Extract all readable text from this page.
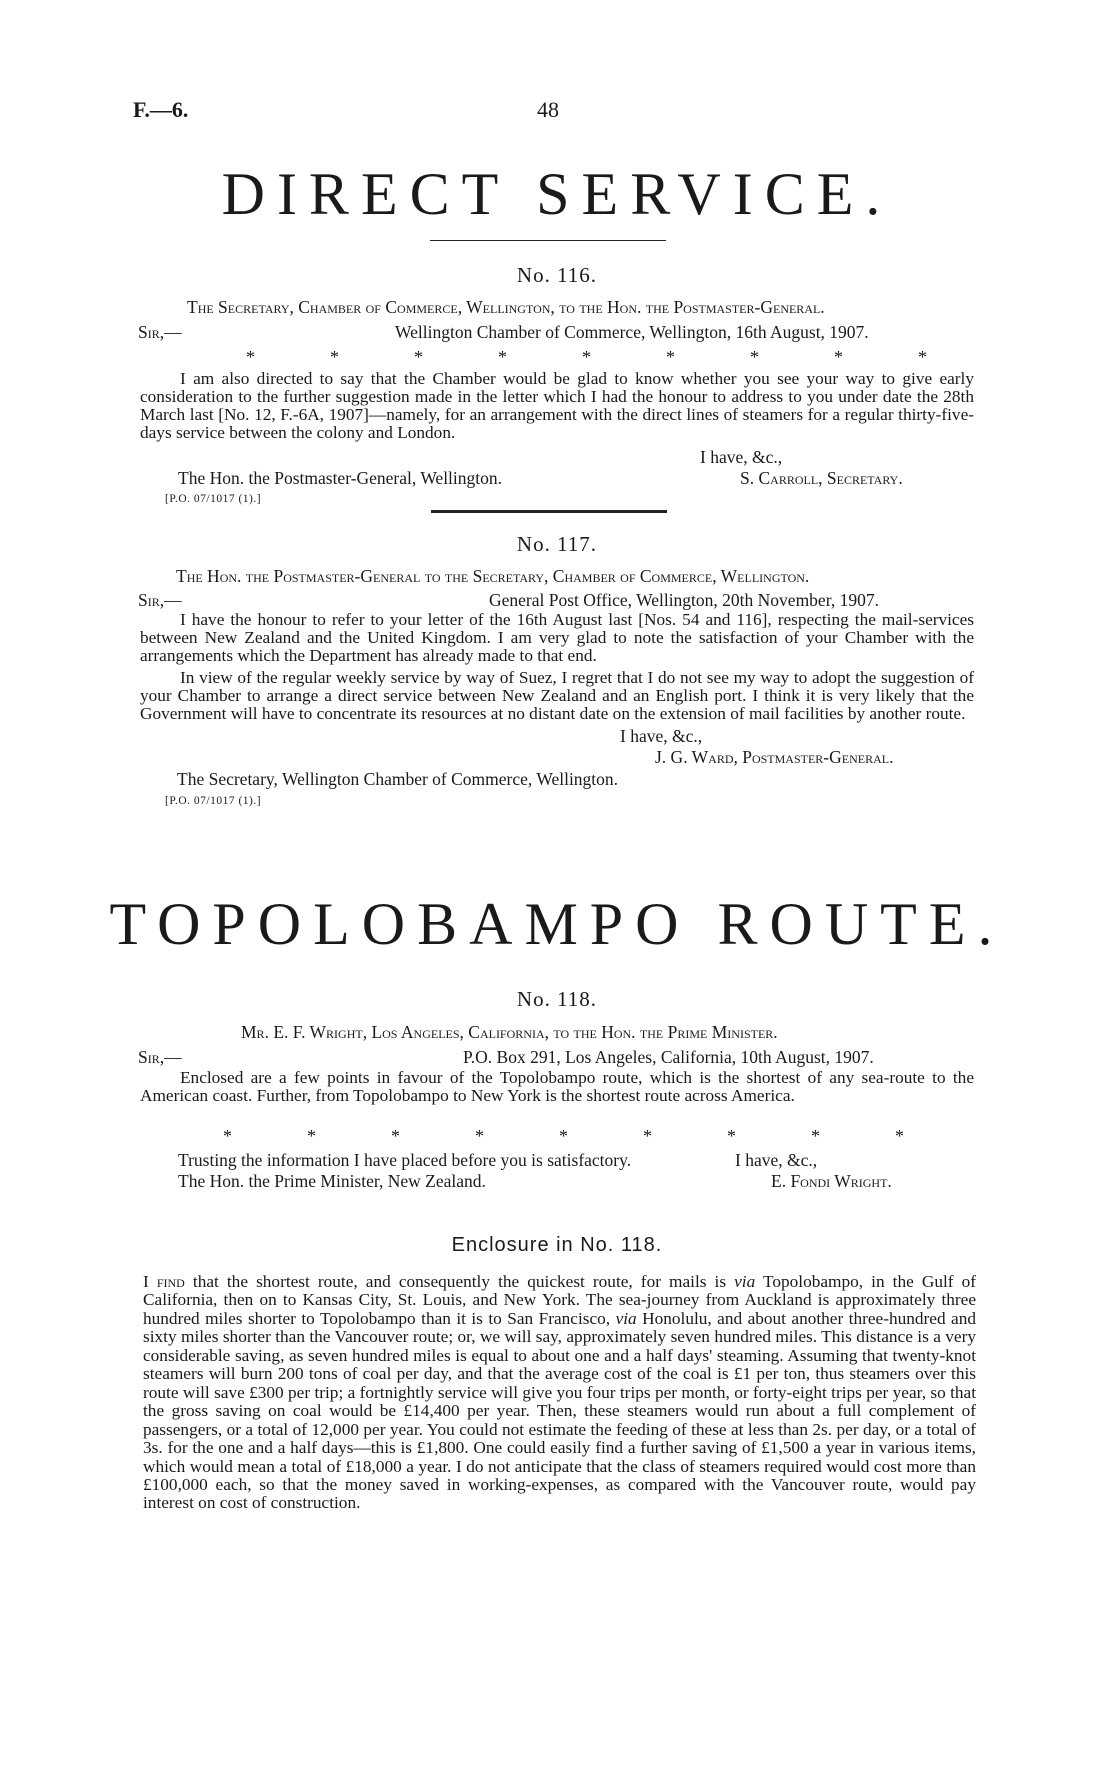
F.—6.	48
DIRECT SERVICE.
No. 116.
The Secretary, Chamber of Commerce, Wellington, to the Hon. the Postmaster-General.
Sir,—	Wellington Chamber of Commerce, Wellington, 16th August, 1907.
*	*	*	*	*	*	*	*	*
I am also directed to say that the Chamber would be glad to know whether you see your way to give early consideration to the further suggestion made in the letter which I had the honour to address to you under date the 28th March last [No. 12, F.-6A, 1907]—namely, for an arrangement with the direct lines of steamers for a regular thirty-five-days service between the colony and London.
I have, &c.,
The Hon. the Postmaster-General, Wellington.	S. Carroll, Secretary.
[P.O. 07/1017 (1).]
No. 117.
The Hon. the Postmaster-General to the Secretary, Chamber of Commerce, Wellington.
Sir,—	General Post Office, Wellington, 20th November, 1907.
I have the honour to refer to your letter of the 16th August last [Nos. 54 and 116], respecting the mail-services between New Zealand and the United Kingdom. I am very glad to note the satisfaction of your Chamber with the arrangements which the Department has already made to that end.
In view of the regular weekly service by way of Suez, I regret that I do not see my way to adopt the suggestion of your Chamber to arrange a direct service between New Zealand and an English port. I think it is very likely that the Government will have to concentrate its resources at no distant date on the extension of mail facilities by another route.
I have, &c.,
J. G. Ward, Postmaster-General.
The Secretary, Wellington Chamber of Commerce, Wellington.
[P.O. 07/1017 (1).]
TOPOLOBAMPO ROUTE.
No. 118.
Mr. E. F. Wright, Los Angeles, California, to the Hon. the Prime Minister.
Sir,—	P.O. Box 291, Los Angeles, California, 10th August, 1907.
Enclosed are a few points in favour of the Topolobampo route, which is the shortest of any sea-route to the American coast. Further, from Topolobampo to New York is the shortest route across America.
*	*	*	*	*	*	*	*	*
Trusting the information I have placed before you is satisfactory.	I have, &c.,
The Hon. the Prime Minister, New Zealand.	E. Fondi Wright.
Enclosure in No. 118.
I find that the shortest route, and consequently the quickest route, for mails is via Topolobampo, in the Gulf of California, then on to Kansas City, St. Louis, and New York. The sea-journey from Auckland is approximately three hundred miles shorter to Topolobampo than it is to San Francisco, via Honolulu, and about another three-hundred and sixty miles shorter than the Vancouver route; or, we will say, approximately seven hundred miles. This distance is a very considerable saving, as seven hundred miles is equal to about one and a half days' steaming. Assuming that twenty-knot steamers will burn 200 tons of coal per day, and that the average cost of the coal is £1 per ton, thus steamers over this route will save £300 per trip; a fortnightly service will give you four trips per month, or forty-eight trips per year, so that the gross saving on coal would be £14,400 per year. Then, these steamers would run about a full complement of passengers, or a total of 12,000 per year. You could not estimate the feeding of these at less than 2s. per day, or a total of 3s. for the one and a half days—this is £1,800. One could easily find a further saving of £1,500 a year in various items, which would mean a total of £18,000 a year. I do not anticipate that the class of steamers required would cost more than £100,000 each, so that the money saved in working-expenses, as compared with the Vancouver route, would pay interest on cost of construction.
